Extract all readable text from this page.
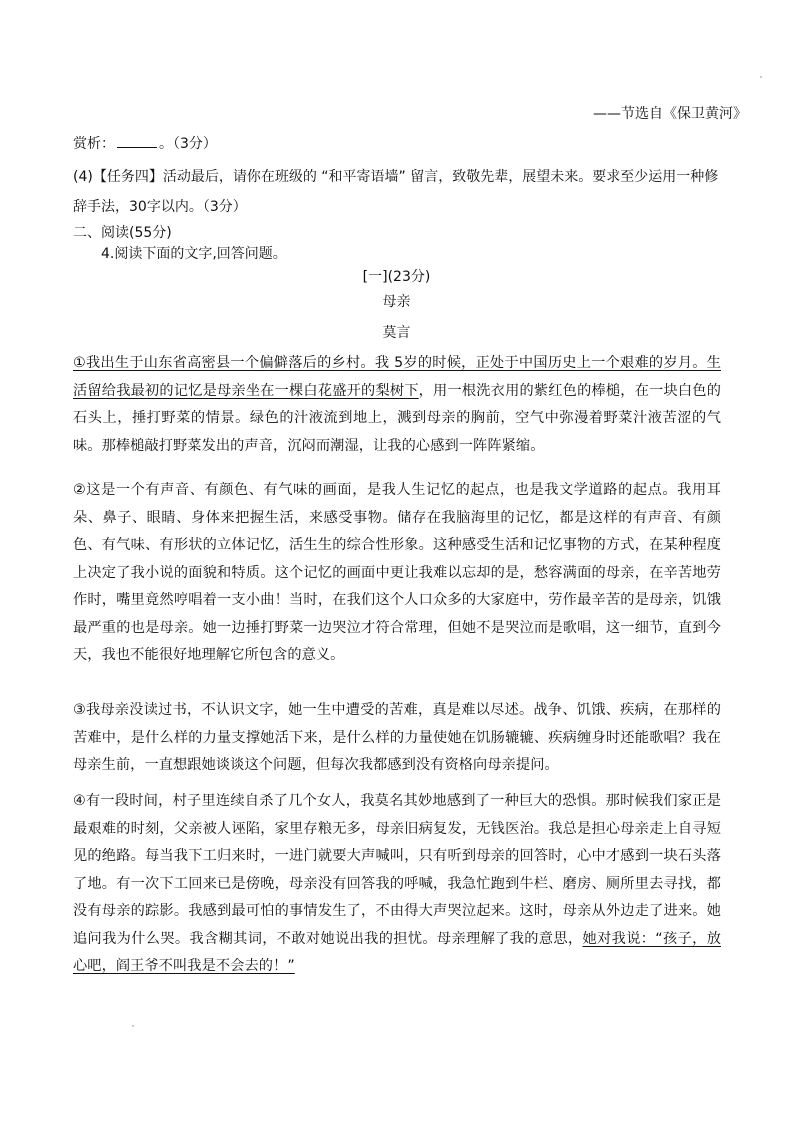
——节选自《保卫黄河》
赏析：	。（3分）
(4)【任务四】活动最后，请你在班级的 “和平寄语墙” 留言，致敬先辈，展望未来。要求至少运用一种修
辞手法，30字以内。（3分）
二、阅读(55分)
4.阅读下面的文字,回答问题。
[一](23分)
母亲
莫言
①我出生于山东省高密县一个偏僻落后的乡村。我 5岁的时候，正处于中国历史上一个艰难的岁月。生活留给我最初的记忆是母亲坐在一棵白花盛开的梨树下，用一根洗衣用的紫红色的棒槌，在一块白色的石头上，捶打野菜的情景。绿色的汁液流到地上，溅到母亲的胸前，空气中弥漫着野菜汁液苦涩的气味。那棒槌敲打野菜发出的声音，沉闷而潮湿，让我的心感到一阵阵紧缩。
②这是一个有声音、有颜色、有气味的画面，是我人生记忆的起点，也是我文学道路的起点。我用耳朵、鼻子、眼睛、身体来把握生活，来感受事物。储存在我脑海里的记忆，都是这样的有声音、有颜色、有气味、有形状的立体记忆，活生生的综合性形象。这种感受生活和记忆事物的方式，在某种程度上决定了我小说的面貌和特质。这个记忆的画面中更让我难以忘却的是，愁容满面的母亲，在辛苦地劳作时，嘴里竟然哼唱着一支小曲！当时，在我们这个人口众多的大家庭中，劳作最辛苦的是母亲，饥饿最严重的也是母亲。她一边捶打野菜一边哭泣才符合常理，但她不是哭泣而是歌唱，这一细节，直到今天，我也不能很好地理解它所包含的意义。
③我母亲没读过书，不认识文字，她一生中遭受的苦难，真是难以尽述。战争、饥饿、疾病，在那样的苦难中，是什么样的力量支撑她活下来，是什么样的力量使她在饥肠辘辘、疾病缠身时还能歌唱？我在母亲生前，一直想跟她谈谈这个问题，但每次我都感到没有资格向母亲提问。
④有一段时间，村子里连续自杀了几个女人，我莫名其妙地感到了一种巨大的恐惧。那时候我们家正是最艰难的时刻，父亲被人诬陷，家里存粮无多，母亲旧病复发，无钱医治。我总是担心母亲走上自寻短见的绝路。每当我下工归来时，一进门就要大声喊叫，只有听到母亲的回答时，心中才感到一块石头落了地。有一次下工回来已是傍晚，母亲没有回答我的呼喊，我急忙跑到牛栏、磨房、厕所里去寻找，都没有母亲的踪影。我感到最可怕的事情发生了，不由得大声哭泣起来。这时，母亲从外边走了进来。她追问我为什么哭。我含糊其词，不敢对她说出我的担忧。母亲理解了我的意思，她对我说：“孩子，放心吧，阎王爷不叫我是不会去的！”
